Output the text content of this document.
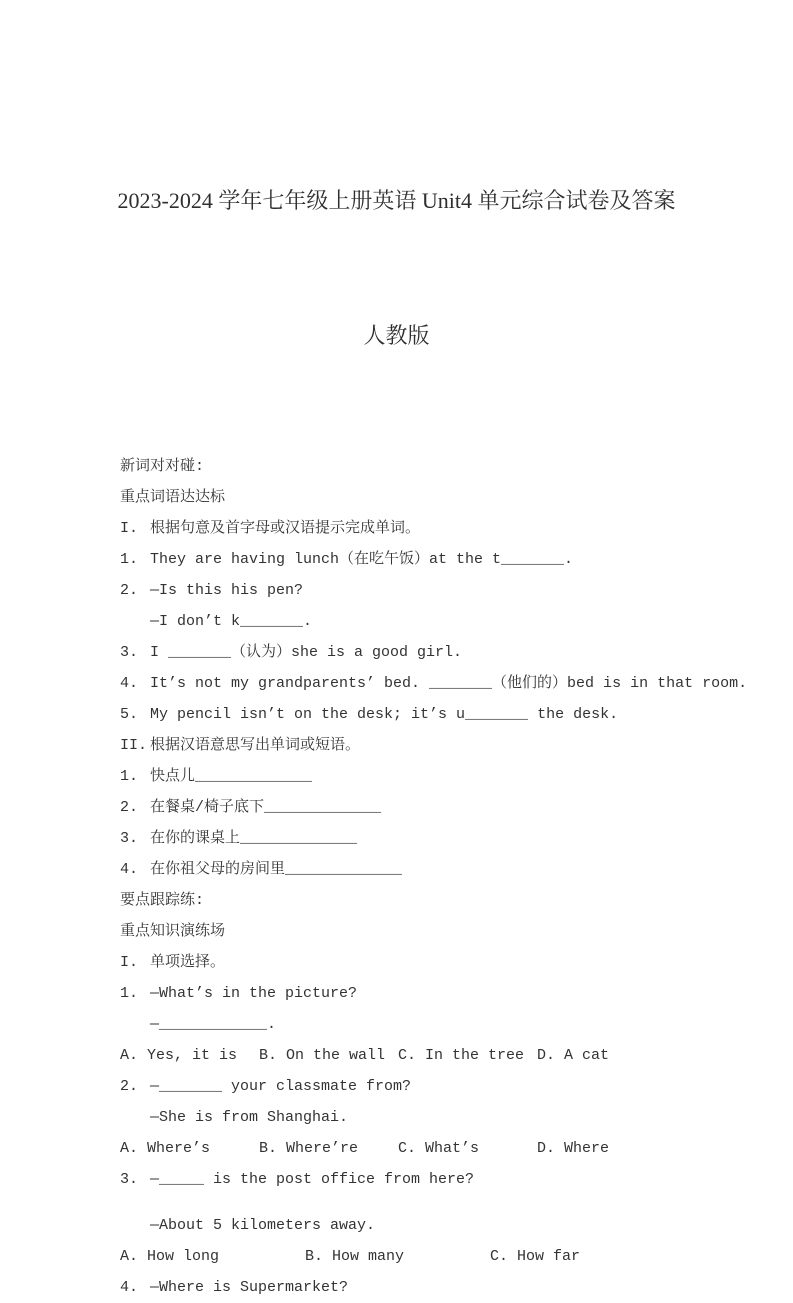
2023-2024 学年七年级上册英语 Unit4 单元综合试卷及答案

人教版

新词对对碰:
重点词语达达标
I. 根据句意及首字母或汉语提示完成单词。
1. They are having lunch（在吃午饭）at the t_______.
2. —Is this his pen?
—I don’t k_______.
3. I _______（认为）she is a good girl.
4. It’s not my grandparents’ bed. _______（他们的）bed is in that room.
5. My pencil isn’t on the desk; it’s u_______ the desk.
II. 根据汉语意思写出单词或短语。
1. 快点儿_____________
2. 在餐桌/椅子底下_____________
3. 在你的课桌上_____________
4. 在你祖父母的房间里_____________
要点跟踪练:
重点知识演练场
I. 单项选择。
1. —What’s in the picture?
—____________.
A. Yes, it is B. On the wall C. In the tree D. A cat
2. —_______ your classmate from?
—She is from Shanghai.
A. Where’s	B. Where’re	C. What’s	D. Where
3. —_____ is the post office from here?
—About 5 kilometers away.
A. How long	B. How many	C. How far
4. —Where is Supermarket?
